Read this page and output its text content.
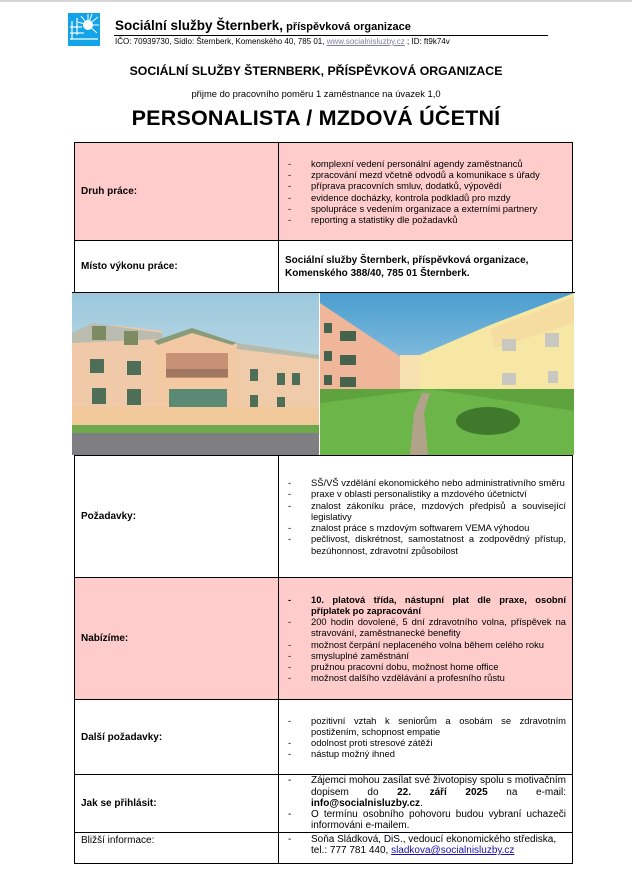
Sociální služby Šternberk, příspěvková organizace
IČO: 70939730, Sídlo: Šternberk, Komenského 40, 785 01, www.socialnisluzby.cz ; ID: ft9k74v
SOCIÁLNÍ SLUŽBY ŠTERNBERK, PŘÍSPĚVKOVÁ ORGANIZACE
přijme do pracovního poměru 1 zaměstnance na úvazek 1,0
PERSONALISTA / MZDOVÁ ÚČETNÍ
Druh práce:
-	komplexní vedení personální agendy zaměstnanců
-	zpracování mezd včetně odvodů a komunikace s úřady
-	příprava pracovních smluv, dodatků, výpovědí
-	evidence docházky, kontrola podkladů pro mzdy
-	spolupráce s vedením organizace a externími partnery
-	reporting a statistiky dle požadavků
Místo výkonu práce:
Sociální služby Šternberk, příspěvková organizace,
Komenského 388/40, 785 01 Šternberk.
Požadavky:
-	SŠ/VŠ vzdělání ekonomického nebo administrativního směru
-	praxe v oblasti personalistiky a mzdového účetnictví
-	znalost zákoníku práce, mzdových předpisů a související legislativy
-	znalost práce s mzdovým softwarem VEMA výhodou
-	pečlivost, diskrétnost, samostatnost a zodpovědný přístup, bezúhonnost, zdravotní způsobilost
Nabízíme:
-	10. platová třída, nástupní plat dle praxe, osobní příplatek po zapracování
-	200 hodin dovolené, 5 dní zdravotního volna, příspěvek na stravování, zaměstnanecké benefity
-	možnost čerpání neplaceného volna během celého roku
-	smysluplné zaměstnání
-	pružnou pracovní dobu, možnost home office
-	možnost dalšího vzdělávání a profesního růstu
Další požadavky:
-	pozitivní vztah k seniorům a osobám se zdravotním postižením, schopnost empatie
-	odolnost proti stresové zátěži
-	nástup možný ihned
Jak se přihlásit:
-	Zájemci mohou zasílat své životopisy spolu s motivačním dopisem do 22. září 2025 na e-mail: info@socialnisluzby.cz.
-	O termínu osobního pohovoru budou vybraní uchazeči informováni e-mailem.
Bližší informace:	-	Soňa Sládková, DiS., vedoucí ekonomického střediska,
tel.: 777 781 440, sladkova@socialnisluzby.cz
